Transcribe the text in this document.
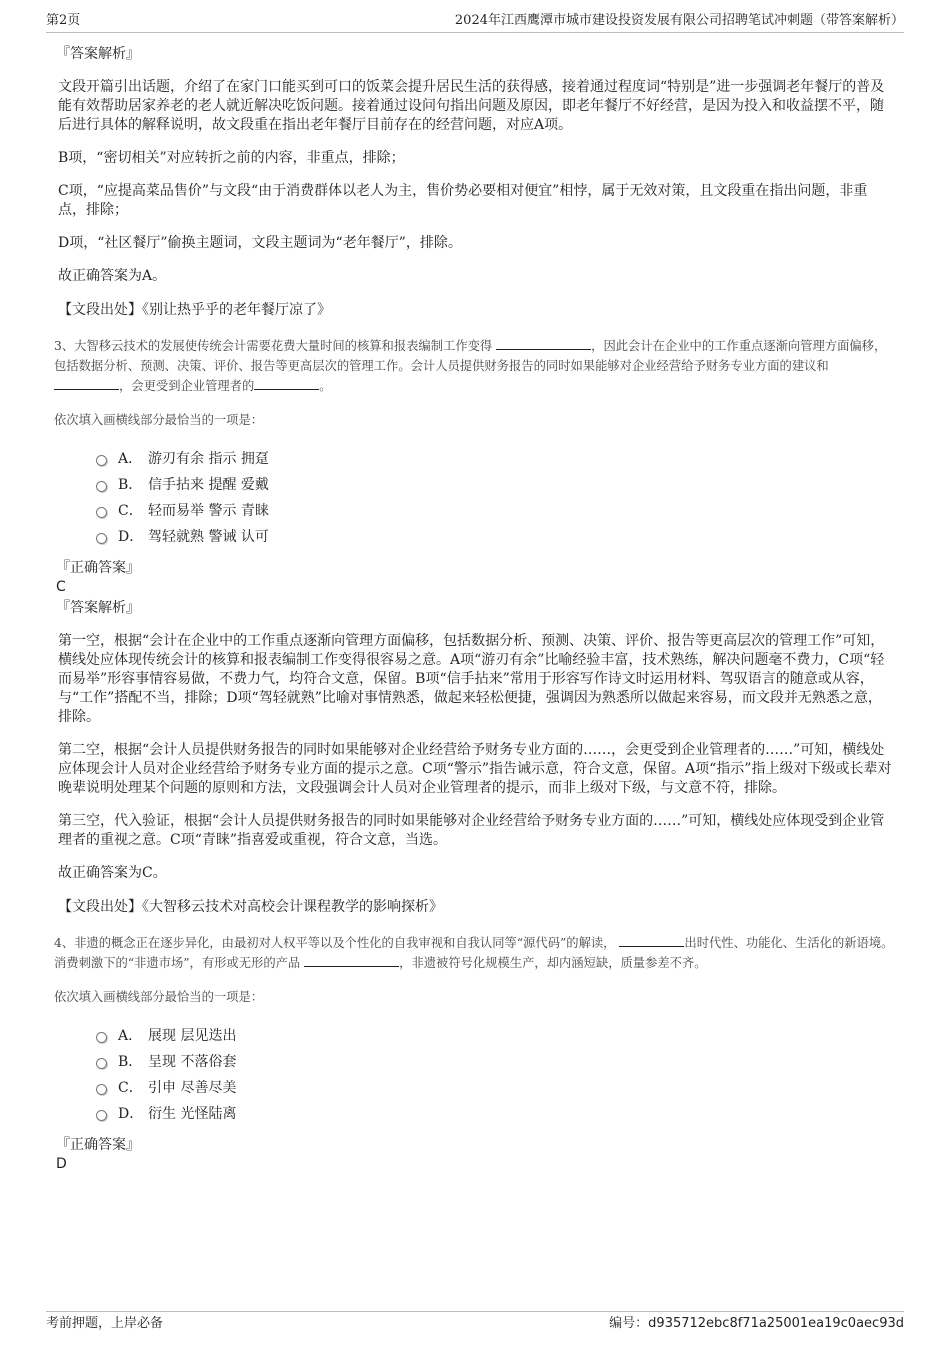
第2页	2024年江西鹰潭市城市建设投资发展有限公司招聘笔试冲刺题（带答案解析）
『答案解析』
文段开篇引出话题，介绍了在家门口能买到可口的饭菜会提升居民生活的获得感，接着通过程度词“特别是”进一步强调老年餐厅的普及能有效帮助居家养老的老人就近解决吃饭问题。接着通过设问句指出问题及原因，即老年餐厅不好经营，是因为投入和收益摆不平，随后进行具体的解释说明，故文段重在指出老年餐厅目前存在的经营问题，对应A项。
B项，“密切相关”对应转折之前的内容，非重点，排除；
C项，“应提高菜品售价”与文段“由于消费群体以老人为主，售价势必要相对便宜”相悖，属于无效对策，且文段重在指出问题，非重点，排除；
D项，“社区餐厅”偷换主题词，文段主题词为“老年餐厅”，排除。
故正确答案为A。
【文段出处】《别让热乎乎的老年餐厅凉了》
3、大智移云技术的发展使传统会计需要花费大量时间的核算和报表编制工作变得	，因此会计在企业中的工作重点逐渐向管理方面偏移，包括数据分析、预测、决策、评价、报告等更高层次的管理工作。会计人员提供财务报告的同时如果能够对企业经营给予财务专业方面的建议和 ，会更受到企业管理者的	。
依次填入画横线部分最恰当的一项是：
A． 游刃有余 指示 拥趸
B． 信手拈来 提醒 爱戴
C． 轻而易举 警示 青睐
D． 驾轻就熟 警诫 认可
『正确答案』
C
『答案解析』
第一空，根据“会计在企业中的工作重点逐渐向管理方面偏移，包括数据分析、预测、决策、评价、报告等更高层次的管理工作”可知，横线处应体现传统会计的核算和报表编制工作变得很容易之意。A项“游刃有余”比喻经验丰富，技术熟练，解决问题毫不费力，C项“轻而易举”形容事情容易做，不费力气，均符合文意，保留。B项“信手拈来”常用于形容写作诗文时运用材料、驾驭语言的随意或从容，与“工作”搭配不当，排除；D项“驾轻就熟”比喻对事情熟悉，做起来轻松便捷，强调因为熟悉所以做起来容易，而文段并无熟悉之意，排除。
第二空，根据“会计人员提供财务报告的同时如果能够对企业经营给予财务专业方面的……，会更受到企业管理者的……”可知，横线处应体现会计人员对企业经营给予财务专业方面的提示之意。C项“警示”指告诫示意，符合文意，保留。A项“指示”指上级对下级或长辈对晚辈说明处理某个问题的原则和方法，文段强调会计人员对企业管理者的提示，而非上级对下级，与文意不符，排除。
第三空，代入验证，根据“会计人员提供财务报告的同时如果能够对企业经营给予财务专业方面的……”可知，横线处应体现受到企业管理者的重视之意。C项“青睐”指喜爱或重视，符合文意，当选。
故正确答案为C。
【文段出处】《大智移云技术对高校会计课程教学的影响探析》
4、非遗的概念正在逐步异化，由最初对人权平等以及个性化的自我审视和自我认同等“源代码”的解读，	出时代性、功能化、生活化的新语境。消费刺激下的“非遗市场”，有形或无形的产品	，非遗被符号化规模生产，却内涵短缺，质量参差不齐。
依次填入画横线部分最恰当的一项是：
A． 展现 层见迭出
B． 呈现 不落俗套
C． 引申 尽善尽美
D． 衍生 光怪陆离
『正确答案』
D
考前押题，上岸必备	编号：d935712ebc8f71a25001ea19c0aec93d
